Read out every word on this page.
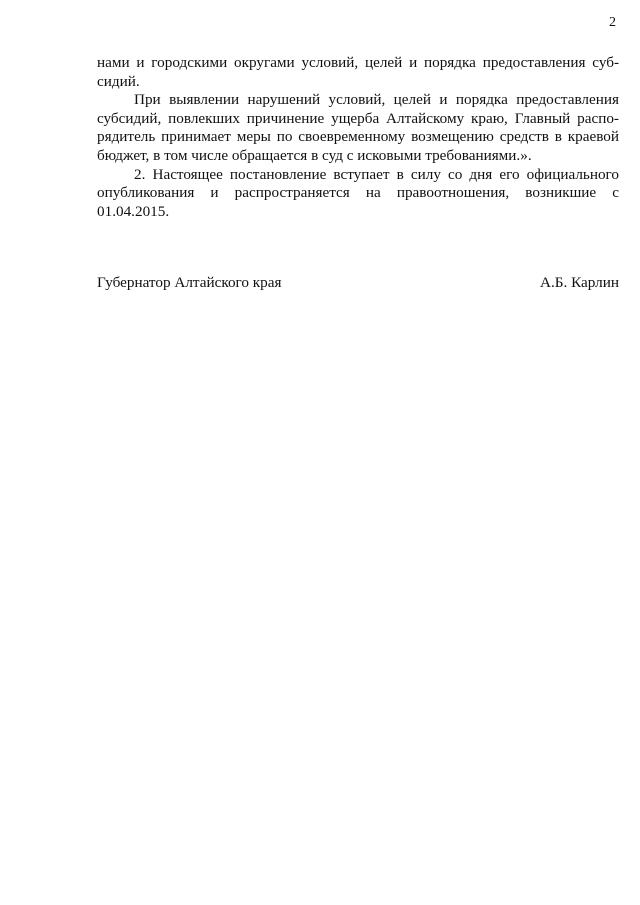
2

нами и городскими округами условий, целей и порядка предоставления суб-сидий.

При выявлении нарушений условий, целей и порядка предоставления субсидий, повлекших причинение ущерба Алтайскому краю, Главный распо-рядитель принимает меры по своевременному возмещению средств в краевой бюджет, в том числе обращается в суд с исковыми требованиями.».

2. Настоящее постановление вступает в силу со дня его официального опубликования и распространяется на правоотношения, возникшие с 01.04.2015.

Губернатор Алтайского края	А.Б. Карлин
